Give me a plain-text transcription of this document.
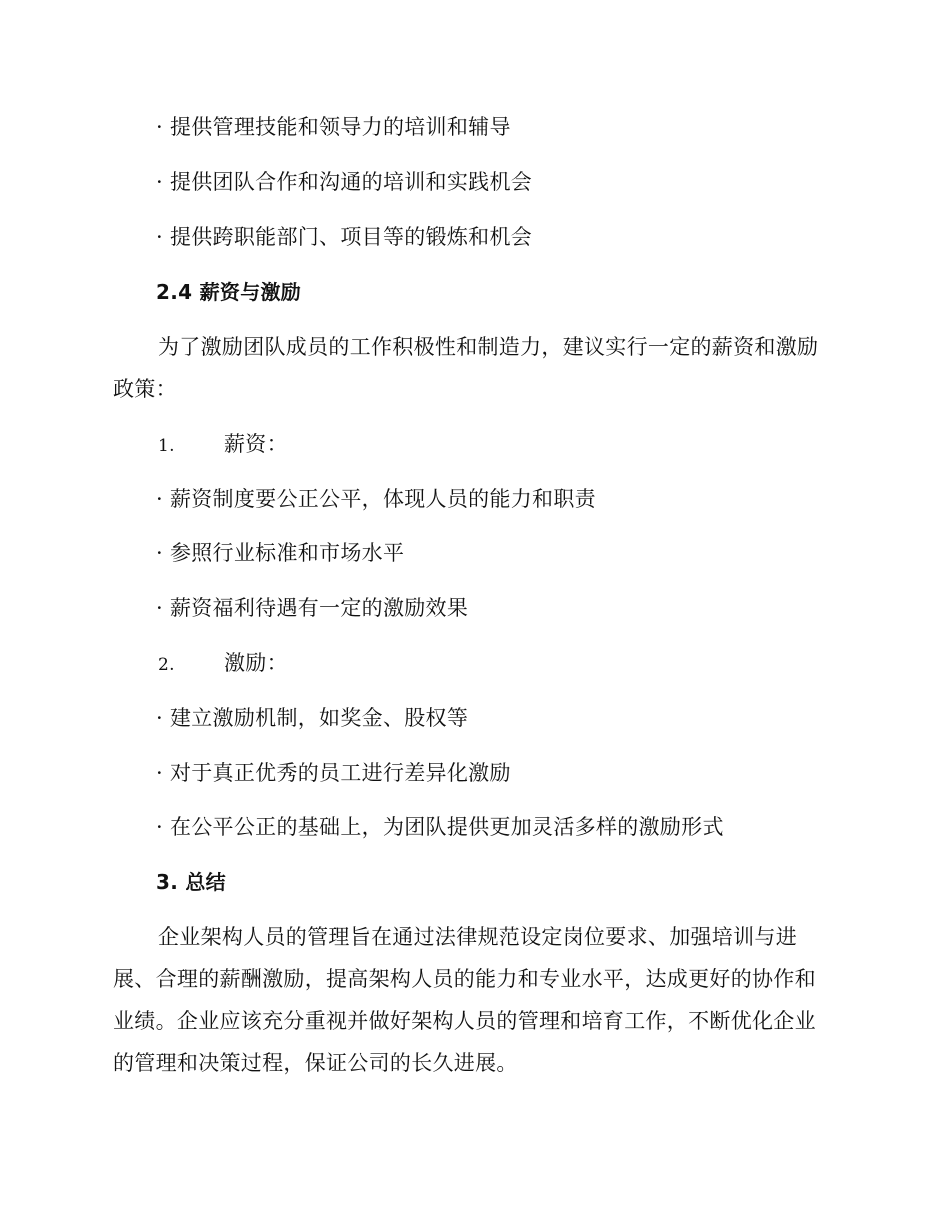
· 提供管理技能和领导力的培训和辅导
· 提供团队合作和沟通的培训和实践机会
· 提供跨职能部门、项目等的锻炼和机会
2.4 薪资与激励
为了激励团队成员的工作积极性和制造力，建议实行一定的薪资和激励
政策：
1. 薪资：
· 薪资制度要公正公平，体现人员的能力和职责
· 参照行业标准和市场水平
· 薪资福利待遇有一定的激励效果
2. 激励：
· 建立激励机制，如奖金、股权等
· 对于真正优秀的员工进行差异化激励
· 在公平公正的基础上，为团队提供更加灵活多样的激励形式
3. 总结
企业架构人员的管理旨在通过法律规范设定岗位要求、加强培训与进
展、合理的薪酬激励，提高架构人员的能力和专业水平，达成更好的协作和
业绩。企业应该充分重视并做好架构人员的管理和培育工作，不断优化企业
的管理和决策过程，保证公司的长久进展。
